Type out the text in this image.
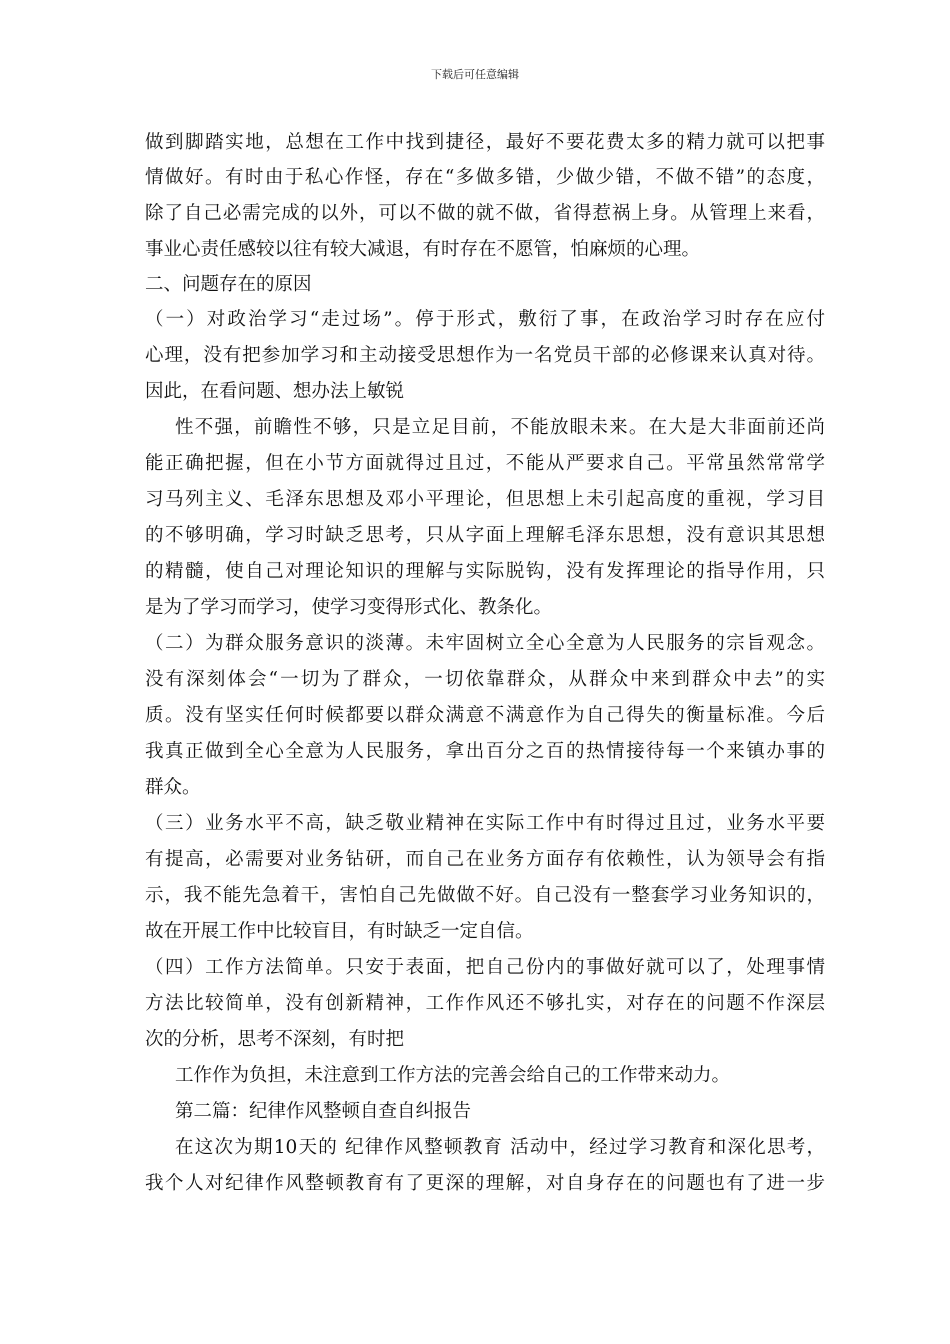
下载后可任意编辑
做到脚踏实地，总想在工作中找到捷径，最好不要花费太多的精力就可以把事
情做好。有时由于私心作怪，存在“多做多错，少做少错，不做不错”的态度，
除了自己必需完成的以外，可以不做的就不做，省得惹祸上身。从管理上来看，
事业心责任感较以往有较大减退，有时存在不愿管，怕麻烦的心理。
二、问题存在的原因
（一）对政治学习“走过场”。停于形式，敷衍了事，在政治学习时存在应付
心理，没有把参加学习和主动接受思想作为一名党员干部的必修课来认真对待。
因此，在看问题、想办法上敏锐
性不强，前瞻性不够，只是立足目前，不能放眼未来。在大是大非面前还尚
能正确把握，但在小节方面就得过且过，不能从严要求自己。平常虽然常常学
习马列主义、毛泽东思想及邓小平理论，但思想上未引起高度的重视，学习目
的不够明确，学习时缺乏思考，只从字面上理解毛泽东思想，没有意识其思想
的精髓，使自己对理论知识的理解与实际脱钩，没有发挥理论的指导作用，只
是为了学习而学习，使学习变得形式化、教条化。
（二）为群众服务意识的淡薄。未牢固树立全心全意为人民服务的宗旨观念。
没有深刻体会“一切为了群众，一切依靠群众，从群众中来到群众中去”的实
质。没有坚实任何时候都要以群众满意不满意作为自己得失的衡量标准。今后
我真正做到全心全意为人民服务，拿出百分之百的热情接待每一个来镇办事的
群众。
（三）业务水平不高，缺乏敬业精神在实际工作中有时得过且过，业务水平要
有提高，必需要对业务钻研，而自己在业务方面存有依赖性，认为领导会有指
示，我不能先急着干，害怕自己先做做不好。自己没有一整套学习业务知识的，
故在开展工作中比较盲目，有时缺乏一定自信。
（四）工作方法简单。只安于表面，把自己份内的事做好就可以了，处理事情
方法比较简单，没有创新精神，工作作风还不够扎实，对存在的问题不作深层
次的分析，思考不深刻，有时把
工作作为负担，未注意到工作方法的完善会给自己的工作带来动力。
第二篇：纪律作风整顿自查自纠报告
在这次为期10天的 纪律作风整顿教育 活动中，经过学习教育和深化思考，
我个人对纪律作风整顿教育有了更深的理解，对自身存在的问题也有了进一步
